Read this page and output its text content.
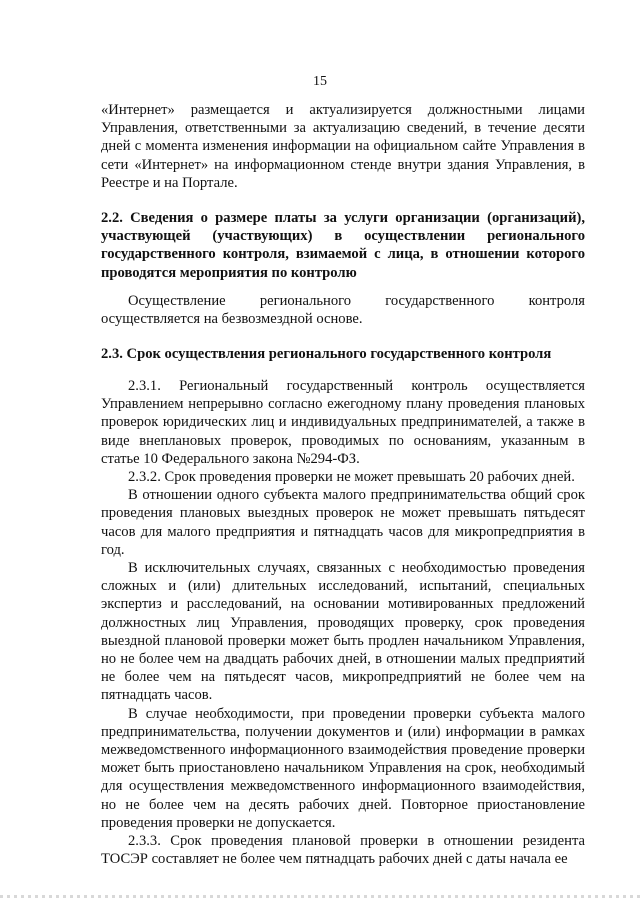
15

«Интернет» размещается и актуализируется должностными лицами Управления, ответственными за актуализацию сведений, в течение десяти дней с момента изменения информации на официальном сайте Управления в сети «Интернет» на информационном стенде внутри здания Управления, в Реестре и на Портале.

2.2. Сведения о размере платы за услуги организации (организаций), участвующей (участвующих) в осуществлении регионального государственного контроля, взимаемой с лица, в отношении которого проводятся мероприятия по контролю

Осуществление регионального государственного контроля осуществляется на безвозмездной основе.

2.3. Срок осуществления регионального государственного контроля

2.3.1. Региональный государственный контроль осуществляется Управлением непрерывно согласно ежегодному плану проведения плановых проверок юридических лиц и индивидуальных предпринимателей, а также в виде внеплановых проверок, проводимых по основаниям, указанным в статье 10 Федерального закона №294-ФЗ.

2.3.2. Срок проведения проверки не может превышать 20 рабочих дней.

В отношении одного субъекта малого предпринимательства общий срок проведения плановых выездных проверок не может превышать пятьдесят часов для малого предприятия и пятнадцать часов для микропредприятия в год.

В исключительных случаях, связанных с необходимостью проведения сложных и (или) длительных исследований, испытаний, специальных экспертиз и расследований, на основании мотивированных предложений должностных лиц Управления, проводящих проверку, срок проведения выездной плановой проверки может быть продлен начальником Управления, но не более чем на двадцать рабочих дней, в отношении малых предприятий не более чем на пятьдесят часов, микропредприятий не более чем на пятнадцать часов.

В случае необходимости, при проведении проверки субъекта малого предпринимательства, получении документов и (или) информации в рамках межведомственного информационного взаимодействия проведение проверки может быть приостановлено начальником Управления на срок, необходимый для осуществления межведомственного информационного взаимодействия, но не более чем на десять рабочих дней. Повторное приостановление проведения проверки не допускается.

2.3.3. Срок проведения плановой проверки в отношении резидента ТОСЭР составляет не более чем пятнадцать рабочих дней с даты начала ее
